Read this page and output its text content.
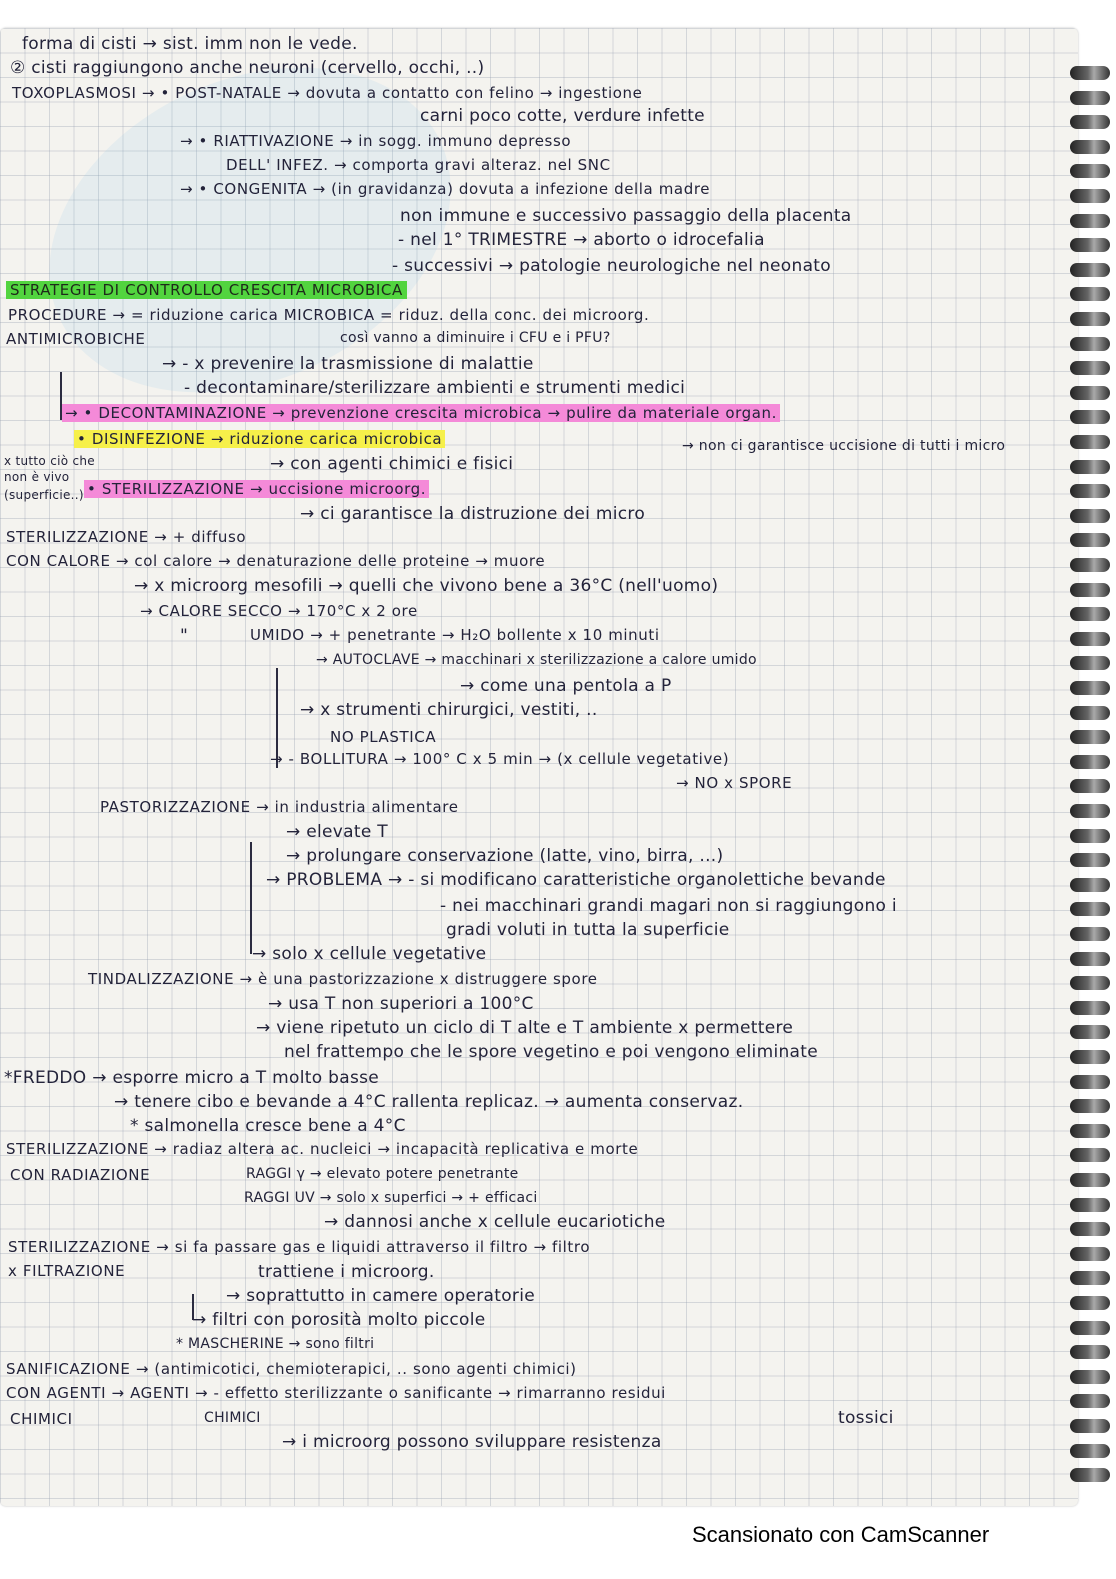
forma di cisti → sist. imm non le vede.
② cisti raggiungono anche neuroni (cervello, occhi, ..)
TOXOPLASMOSI → • POST-NATALE → dovuta a contatto con felino → ingestione
carni poco cotte, verdure infette
→ • RIATTIVAZIONE → in sogg. immuno depresso
DELL' INFEZ. → comporta gravi alteraz. nel SNC
→ • CONGENITA → (in gravidanza) dovuta a infezione della madre
non immune e successivo passaggio della placenta
- nel 1° TRIMESTRE → aborto o idrocefalia
- successivi → patologie neurologiche nel neonato
STRATEGIE DI CONTROLLO CRESCITA MICROBICA
PROCEDURE → = riduzione carica MICROBICA = riduz. della conc. dei microorg.
ANTIMICROBICHE	così vanno a diminuire i CFU e i PFU?
→ - x prevenire la trasmissione di malattie
- decontaminare/sterilizzare ambienti e strumenti medici
→ • DECONTAMINAZIONE → prevenzione crescita microbica → pulire da materiale organ.
• DISINFEZIONE → riduzione carica microbica
x tutto ciò che	→ con agenti chimici e fisici
→ non ci garantisce uccisione di tutti i micro
non è vivo
(superficie..) • STERILIZZAZIONE → uccisione microorg.
→ ci garantisce la distruzione dei micro
STERILIZZAZIONE → + diffuso
CON CALORE → col calore → denaturazione delle proteine → muore
→ x microorg mesofili → quelli che vivono bene a 36°C (nell'uomo)
→ CALORE SECCO → 170°C x 2 ore
"	UMIDO → + penetrante → H₂O bollente x 10 minuti
→ AUTOCLAVE → macchinari x sterilizzazione a calore umido
→ come una pentola a P
→ x strumenti chirurgici, vestiti, ..
NO PLASTICA
→ - BOLLITURA → 100° C x 5 min → (x cellule vegetative)
→ NO x SPORE
PASTORIZZAZIONE → in industria alimentare
→ elevate T
→ prolungare conservazione (latte, vino, birra, ...)
→ PROBLEMA → - si modificano caratteristiche organolettiche bevande
- nei macchinari grandi magari non si raggiungono i
gradi voluti in tutta la superficie
→ solo x cellule vegetative
TINDALIZZAZIONE → è una pastorizzazione x distruggere spore
→ usa T non superiori a 100°C
→ viene ripetuto un ciclo di T alte e T ambiente x permettere
nel frattempo che le spore vegetino e poi vengono eliminate
*FREDDO → esporre micro a T molto basse
→ tenere cibo e bevande a 4°C rallenta replicaz. → aumenta conservaz.
* salmonella cresce bene a 4°C
STERILIZZAZIONE → radiaz altera ac. nucleici → incapacità replicativa e morte
CON RADIAZIONE	RAGGI γ → elevato potere penetrante
RAGGI UV → solo x superfici → + efficaci
→ dannosi anche x cellule eucariotiche
STERILIZZAZIONE → si fa passare gas e liquidi attraverso il filtro → filtro
x FILTRAZIONE	trattiene i microorg.
→ soprattutto in camere operatorie
→ filtri con porosità molto piccole
* MASCHERINE → sono filtri
SANIFICAZIONE → (antimicotici, chemioterapici, .. sono agenti chimici)
CON AGENTI → AGENTI → - effetto sterilizzante o sanificante → rimarranno residui
CHIMICI	CHIMICI	tossici
→ i microorg possono sviluppare resistenza
Scansionato con CamScanner
